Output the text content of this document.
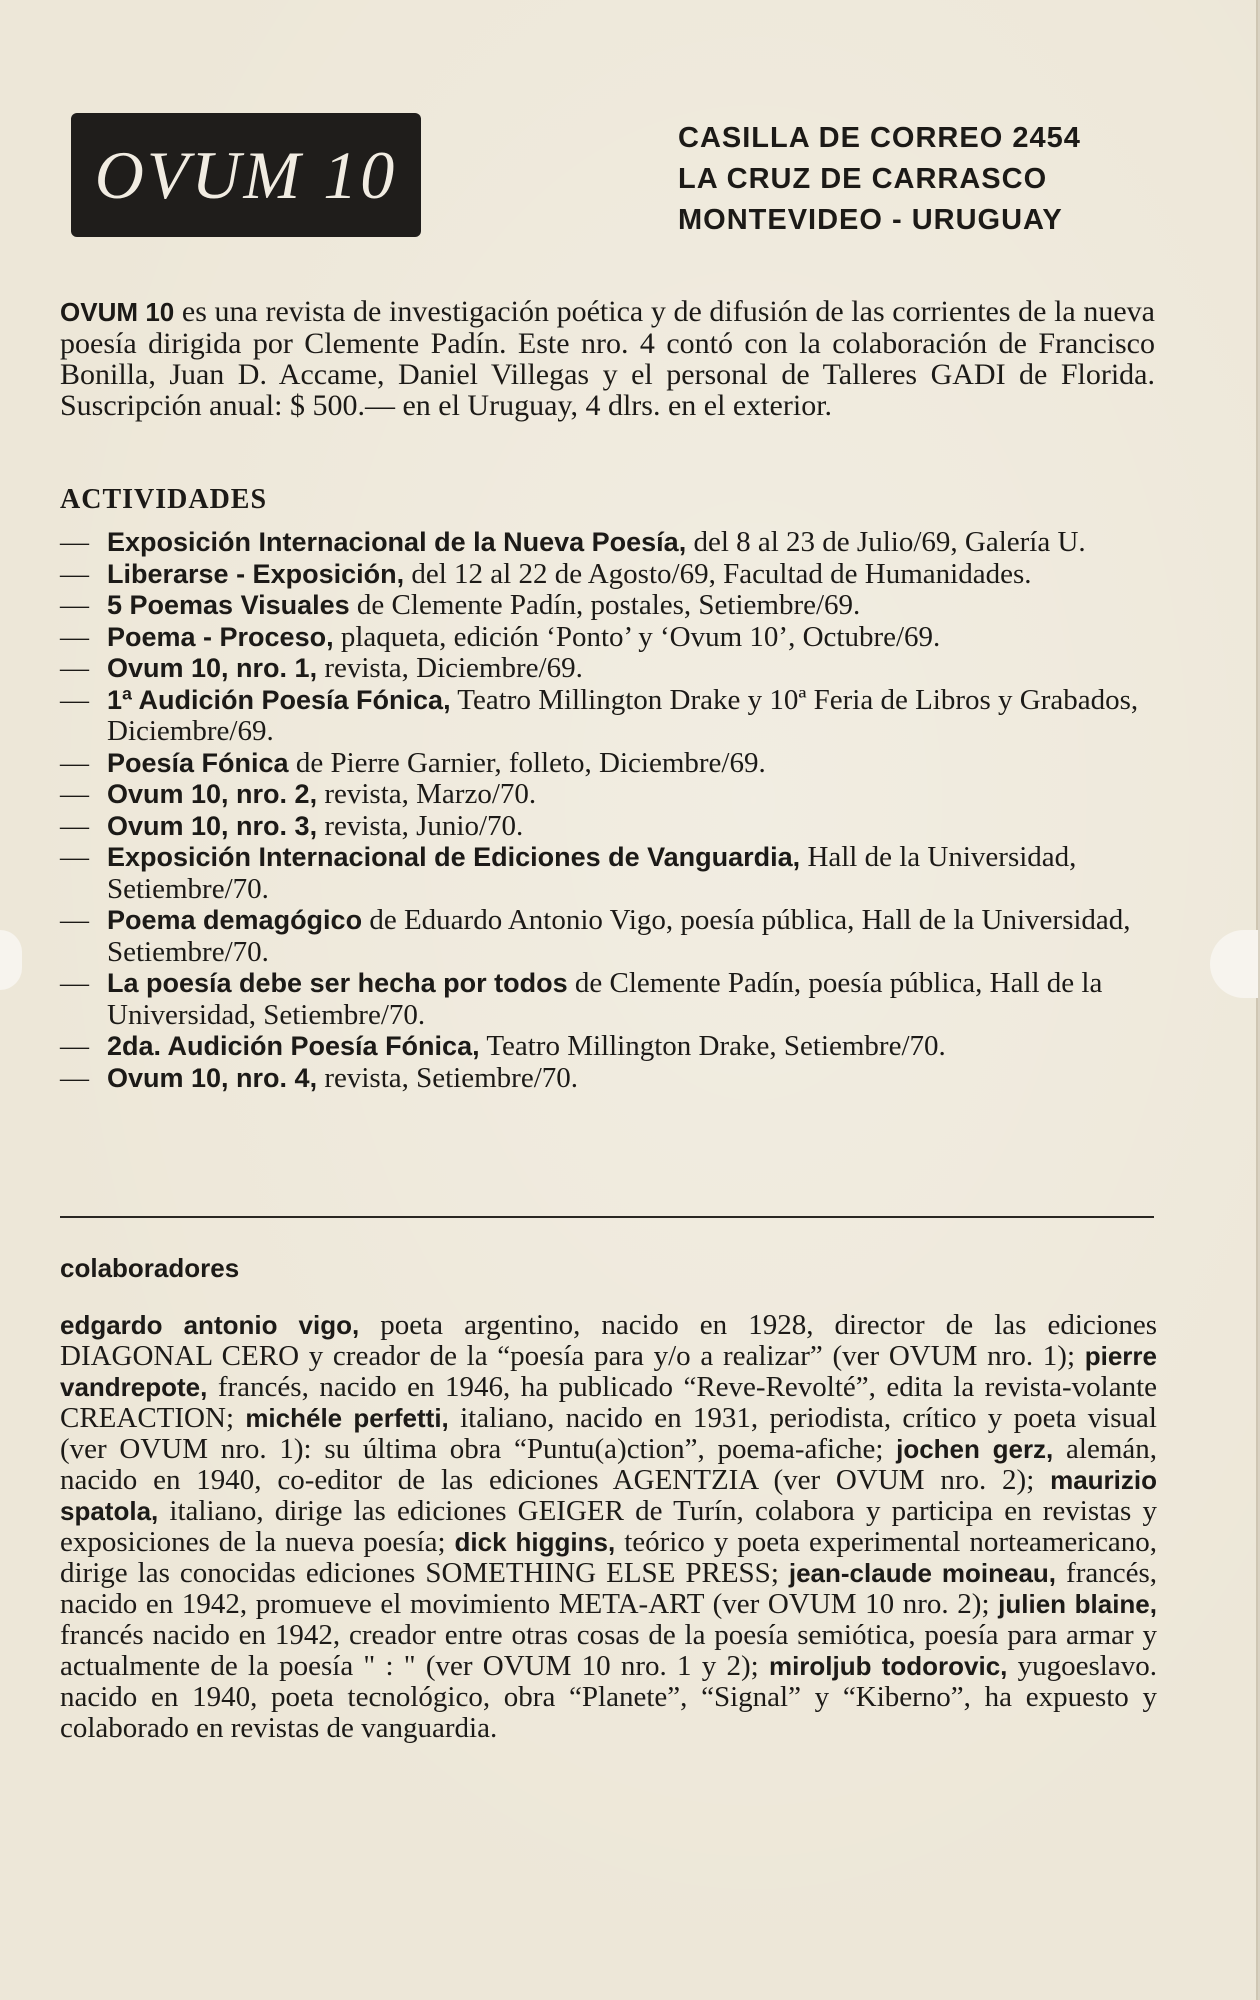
OVUM 10	CASILLA DE CORREO 2454
LA CRUZ DE CARRASCO
MONTEVIDEO - URUGUAY

OVUM 10 es una revista de investigación poética y de difusión de las corrientes de la nueva poesía dirigida por Clemente Padín. Este nro. 4 contó con la colaboración de Francisco Bonilla, Juan D. Accame, Daniel Villegas y el personal de Talleres GADI de Florida. Suscripción anual: $ 500.— en el Uruguay, 4 dlrs. en el exterior.

ACTIVIDADES
— Exposición Internacional de la Nueva Poesía, del 8 al 23 de Julio/69, Galería U.
— Liberarse - Exposición, del 12 al 22 de Agosto/69, Facultad de Humanidades.
— 5 Poemas Visuales de Clemente Padín, postales, Setiembre/69.
— Poema - Proceso, plaqueta, edición ‘Ponto’ y ‘Ovum 10’, Octubre/69.
— Ovum 10, nro. 1, revista, Diciembre/69.
— 1ª Audición Poesía Fónica, Teatro Millington Drake y 10ª Feria de Libros y Grabados, Diciembre/69.
— Poesía Fónica de Pierre Garnier, folleto, Diciembre/69.
— Ovum 10, nro. 2, revista, Marzo/70.
— Ovum 10, nro. 3, revista, Junio/70.
— Exposición Internacional de Ediciones de Vanguardia, Hall de la Universidad, Setiembre/70.
— Poema demagógico de Eduardo Antonio Vigo, poesía pública, Hall de la Universidad, Setiembre/70.
— La poesía debe ser hecha por todos de Clemente Padín, poesía pública, Hall de la Universidad, Setiembre/70.
— 2da. Audición Poesía Fónica, Teatro Millington Drake, Setiembre/70.
— Ovum 10, nro. 4, revista, Setiembre/70.
colaboradores

edgardo antonio vigo, poeta argentino, nacido en 1928, director de las ediciones DIAGONAL CERO y creador de la “poesía para y/o a realizar” (ver OVUM nro. 1); pierre vandrepote, francés, nacido en 1946, ha publicado “Reve-Revolté”, edita la revista-volante CREACTION; michéle perfetti, italiano, nacido en 1931, periodista, crítico y poeta visual (ver OVUM nro. 1): su última obra “Puntu(a)ction”, poema-afiche; jochen gerz, alemán, nacido en 1940, co-editor de las ediciones AGENTZIA (ver OVUM nro. 2); maurizio spatola, italiano, dirige las ediciones GEIGER de Turín, colabora y participa en revistas y exposiciones de la nueva poesía; dick higgins, teórico y poeta experimental norteamericano, dirige las conocidas ediciones SOMETHING ELSE PRESS; jean-claude moineau, francés, nacido en 1942, promueve el movimiento META-ART (ver OVUM 10 nro. 2); julien blaine, francés nacido en 1942, creador entre otras cosas de la poesía semiótica, poesía para armar y actualmente de la poesía " : " (ver OVUM 10 nro. 1 y 2); miroljub todorovic, yugoeslavo. nacido en 1940, poeta tecnológico, obra “Planete”, “Signal” y “Kiberno”, ha expuesto y colaborado en revistas de vanguardia.
